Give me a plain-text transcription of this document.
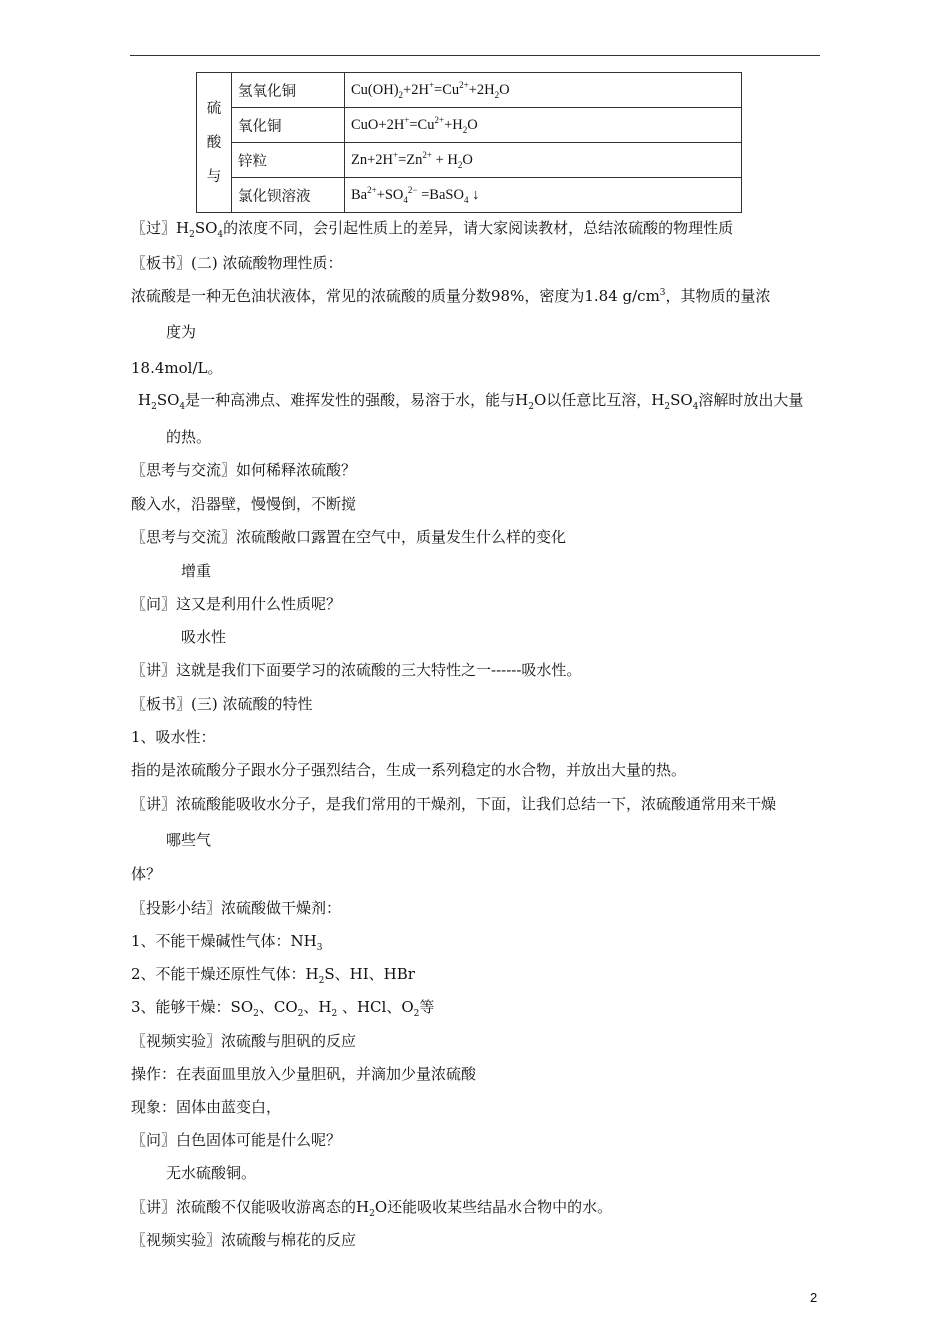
硫
酸
与	氢氧化铜	$Cu(OH)_2+2H^+=Cu^{2+}+2H_2O$
	氧化铜	$CuO+2H^+=Cu^{2+}+H_2O$
	锌粒	$Zn+2H^+=Zn^{2+} + H_2O$
	氯化钡溶液	$Ba^{2+}+SO_4^{2-}$ =BaSO$_4$ ↓
〖过〗$H_2SO_4$的浓度不同，会引起性质上的差异，请大家阅读教材，总结浓硫酸的物理性质
〖板书〗(二) 浓硫酸物理性质：
浓硫酸是一种无色油状液体，常见的浓硫酸的质量分数98%，密度为1.84 $g/cm^3$，其物质的量浓
度为
18.4mol/L。
$H_2SO_4$是一种高沸点、难挥发性的强酸，易溶于水，能与$H_2O$以任意比互溶，$H_2SO_4$溶解时放出大量
的热。
〖思考与交流〗如何稀释浓硫酸？
酸入水，沿器壁，慢慢倒，不断搅
〖思考与交流〗浓硫酸敞口露置在空气中，质量发生什么样的变化
增重
〖问〗这又是利用什么性质呢？
吸水性
〖讲〗这就是我们下面要学习的浓硫酸的三大特性之一------吸水性。
〖板书〗(三) 浓硫酸的特性
1、吸水性：
指的是浓硫酸分子跟水分子强烈结合，生成一系列稳定的水合物，并放出大量的热。
〖讲〗浓硫酸能吸收水分子，是我们常用的干燥剂，下面，让我们总结一下，浓硫酸通常用来干燥
哪些气
体？
〖投影小结〗浓硫酸做干燥剂：
1、不能干燥碱性气体：$NH_3$
2、不能干燥还原性气体：$H_2S$、HI、HBr
3、能够干燥：$SO_2$、$CO_2$、$H_2$ 、HCl、$O_2$等
〖视频实验〗浓硫酸与胆矾的反应
操作：在表面皿里放入少量胆矾，并滴加少量浓硫酸
现象：固体由蓝变白，
〖问〗白色固体可能是什么呢？
无水硫酸铜。
〖讲〗浓硫酸不仅能吸收游离态的$H_2O$还能吸收某些结晶水合物中的水。
〖视频实验〗浓硫酸与棉花的反应
2
